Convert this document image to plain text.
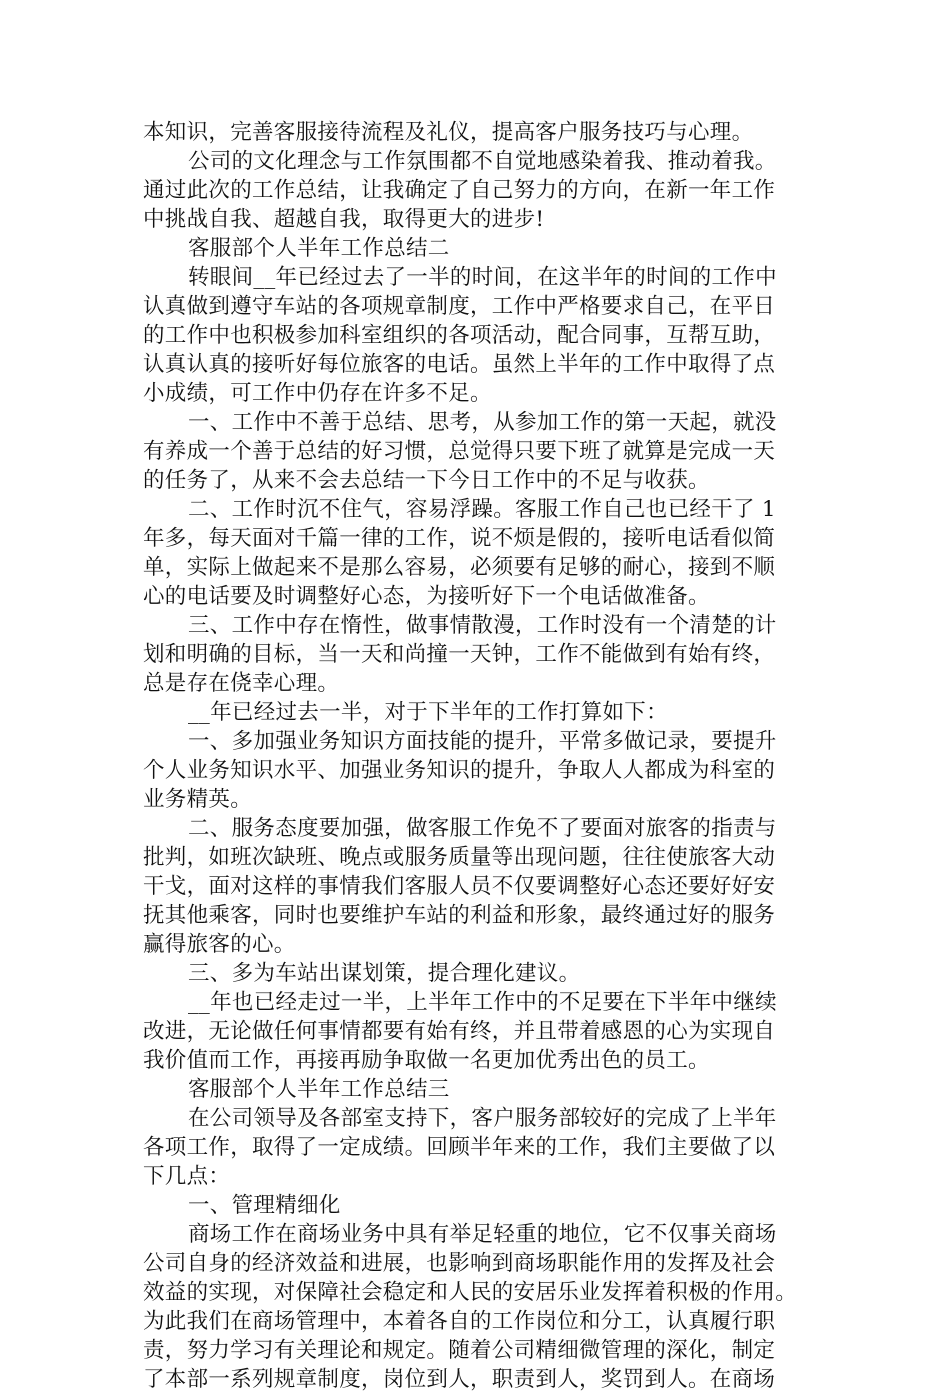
本知识，完善客服接待流程及礼仪，提高客户服务技巧与心理。
公司的文化理念与工作氛围都不自觉地感染着我、推动着我。
通过此次的工作总结，让我确定了自己努力的方向，在新一年工作
中挑战自我、超越自我，取得更大的进步!
客服部个人半年工作总结二
转眼间__年已经过去了一半的时间，在这半年的时间的工作中
认真做到遵守车站的各项规章制度，工作中严格要求自己，在平日
的工作中也积极参加科室组织的各项活动，配合同事，互帮互助，
认真认真的接听好每位旅客的电话。虽然上半年的工作中取得了点
小成绩，可工作中仍存在许多不足。
一、工作中不善于总结、思考，从参加工作的第一天起，就没
有养成一个善于总结的好习惯，总觉得只要下班了就算是完成一天
的任务了，从来不会去总结一下今日工作中的不足与收获。
二、工作时沉不住气，容易浮躁。客服工作自己也已经干了 1
年多，每天面对千篇一律的工作，说不烦是假的，接听电话看似简
单，实际上做起来不是那么容易，必须要有足够的耐心，接到不顺
心的电话要及时调整好心态，为接听好下一个电话做准备。
三、工作中存在惰性，做事情散漫，工作时没有一个清楚的计
划和明确的目标，当一天和尚撞一天钟，工作不能做到有始有终，
总是存在侥幸心理。
__年已经过去一半，对于下半年的工作打算如下：
一、多加强业务知识方面技能的提升，平常多做记录，要提升
个人业务知识水平、加强业务知识的提升，争取人人都成为科室的
业务精英。
二、服务态度要加强，做客服工作免不了要面对旅客的指责与
批判，如班次缺班、晚点或服务质量等出现问题，往往使旅客大动
干戈，面对这样的事情我们客服人员不仅要调整好心态还要好好安
抚其他乘客，同时也要维护车站的利益和形象，最终通过好的服务
赢得旅客的心。
三、多为车站出谋划策，提合理化建议。
__年也已经走过一半，上半年工作中的不足要在下半年中继续
改进，无论做任何事情都要有始有终，并且带着感恩的心为实现自
我价值而工作，再接再励争取做一名更加优秀出色的员工。
客服部个人半年工作总结三
在公司领导及各部室支持下，客户服务部较好的完成了上半年
各项工作，取得了一定成绩。回顾半年来的工作，我们主要做了以
下几点：
一、管理精细化
商场工作在商场业务中具有举足轻重的地位，它不仅事关商场
公司自身的经济效益和进展，也影响到商场职能作用的发挥及社会
效益的实现，对保障社会稳定和人民的安居乐业发挥着积极的作用。
为此我们在商场管理中，本着各自的工作岗位和分工，认真履行职
责，努力学习有关理论和规定。随着公司精细微管理的深化，制定
了本部一系列规章制度，岗位到人，职责到人，奖罚到人。在商场
